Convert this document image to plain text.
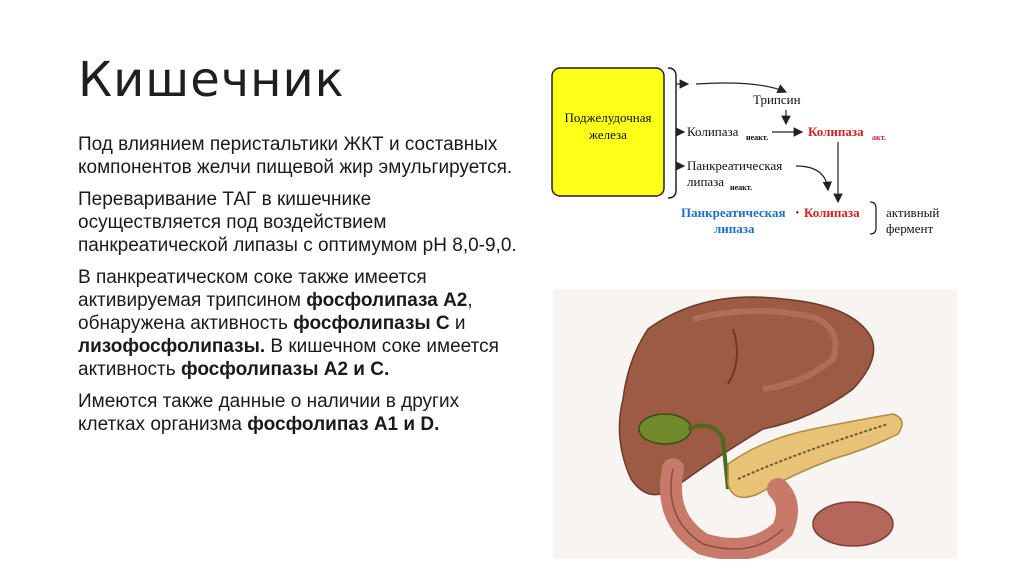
Кишечник

Под влиянием перистальтики ЖКТ и составных компонентов желчи пищевой жир эмульгируется.

Переваривание ТАГ в кишечнике осуществляется под воздействием панкреатической липазы с оптимумом pH 8,0-9,0.

В панкреатическом соке также имеется активируемая трипсином фосфолипаза А2, обнаружена активность фосфолипазы С и лизофосфолипазы. В кишечном соке имеется активность фосфолипазы А2 и С.

Имеются также данные о наличии в других клетках организма фосфолипаз А1 и D.

Поджелудочная
железа
Трипсин
Колипаза неакт.	Колипаза акт.
Панкреатическая
липаза неакт.
Панкреатическая
липаза
· Колипаза активный
фермент
